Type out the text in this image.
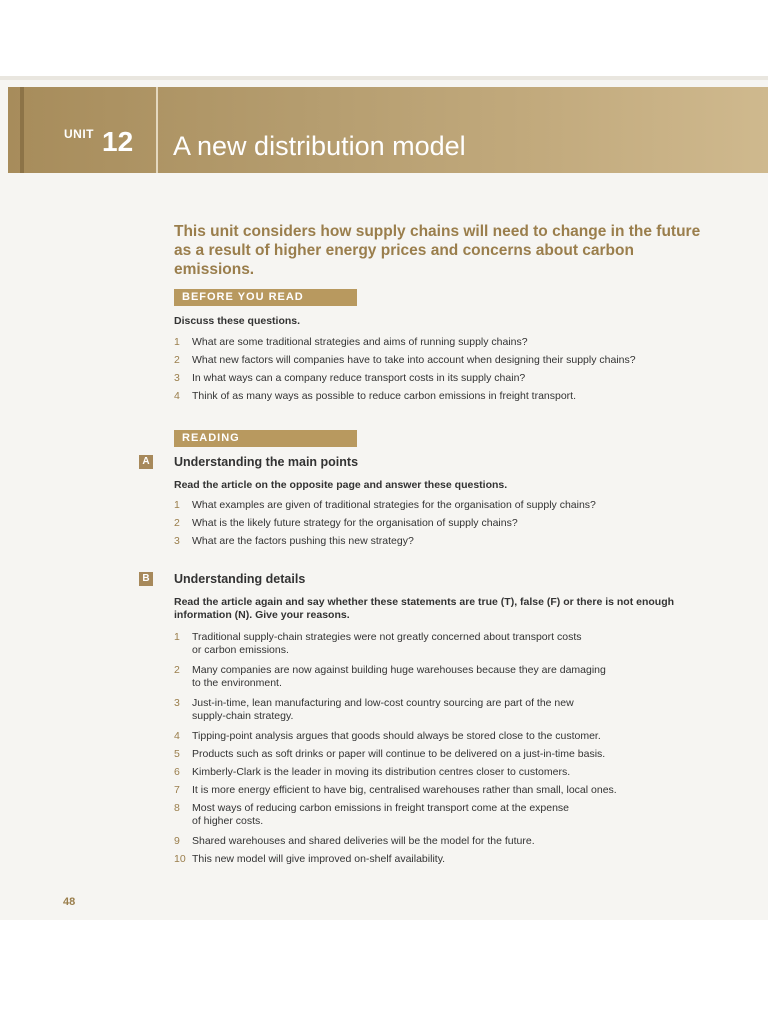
UNIT 12 A new distribution model
This unit considers how supply chains will need to change in the future as a result of higher energy prices and concerns about carbon emissions.
BEFORE YOU READ
Discuss these questions.
1 What are some traditional strategies and aims of running supply chains?
2 What new factors will companies have to take into account when designing their supply chains?
3 In what ways can a company reduce transport costs in its supply chain?
4 Think of as many ways as possible to reduce carbon emissions in freight transport.
READING
A Understanding the main points
Read the article on the opposite page and answer these questions.
1 What examples are given of traditional strategies for the organisation of supply chains?
2 What is the likely future strategy for the organisation of supply chains?
3 What are the factors pushing this new strategy?
B Understanding details
Read the article again and say whether these statements are true (T), false (F) or there is not enough information (N). Give your reasons.
1 Traditional supply-chain strategies were not greatly concerned about transport costs
or carbon emissions.
2 Many companies are now against building huge warehouses because they are damaging
to the environment.
3 Just-in-time, lean manufacturing and low-cost country sourcing are part of the new
supply-chain strategy.
4 Tipping-point analysis argues that goods should always be stored close to the customer.
5 Products such as soft drinks or paper will continue to be delivered on a just-in-time basis.
6 Kimberly-Clark is the leader in moving its distribution centres closer to customers.
7 It is more energy efficient to have big, centralised warehouses rather than small, local ones.
8 Most ways of reducing carbon emissions in freight transport come at the expense
of higher costs.
9 Shared warehouses and shared deliveries will be the model for the future.
10 This new model will give improved on-shelf availability.
48
